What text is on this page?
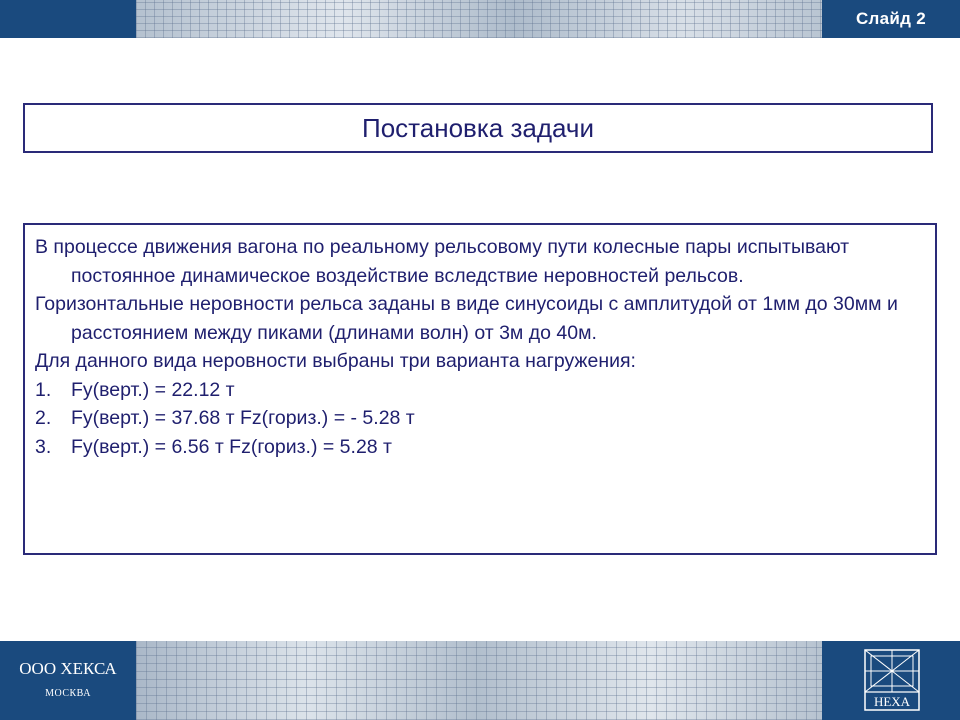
Слайд 2
Постановка задачи

В процессе движения вагона по реальному рельсовому пути колесные пары испытывают постоянное динамическое воздействие вследствие неровностей рельсов.

Горизонтальные неровности рельса заданы в виде синусоиды с амплитудой от 1мм до 30мм и расстоянием между пиками (длинами волн) от 3м до 40м.

Для данного вида неровности выбраны три варианта нагружения:

1.	Fy(верт.) = 22.12 т
2.	Fy(верт.) = 37.68 т Fz(гориз.) = - 5.28 т
3.	Fy(верт.) = 6.56 т Fz(гориз.) = 5.28 т
ООО ХЕКСА
МОСКВА
HEXA
